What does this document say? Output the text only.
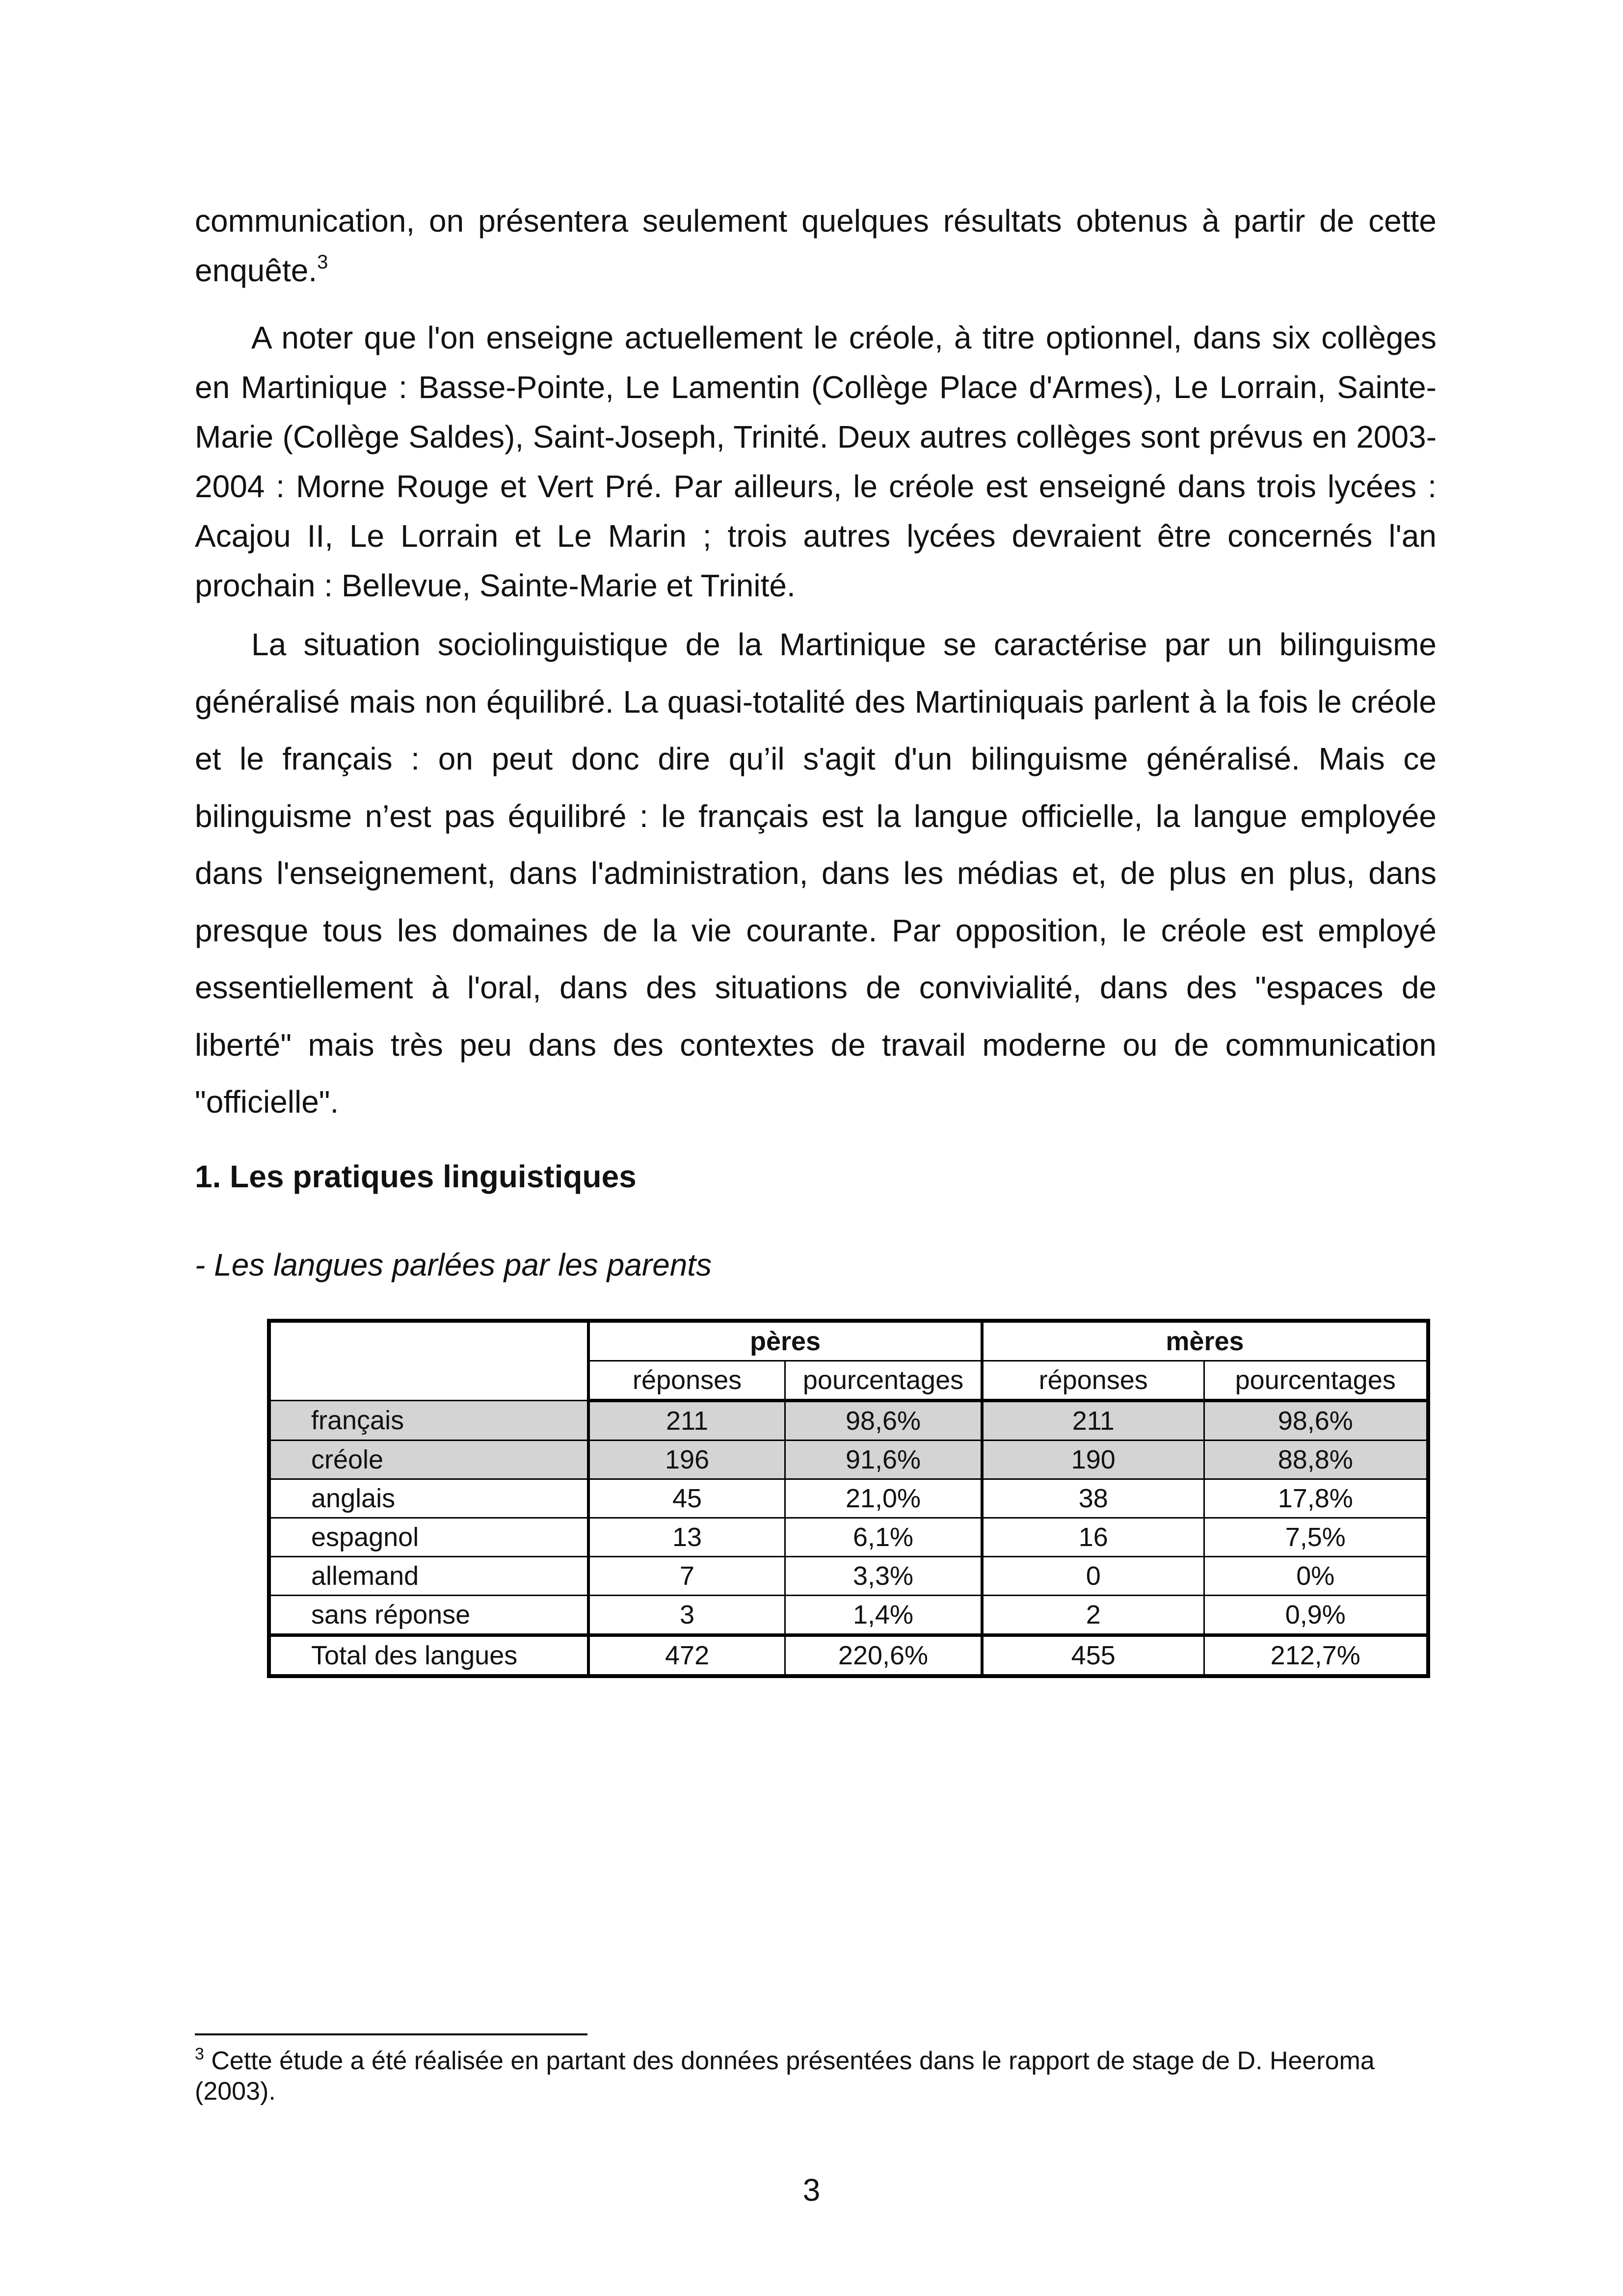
communication, on présentera seulement quelques résultats obtenus à partir de cette enquête.$^3$

A noter que l'on enseigne actuellement le créole, à titre optionnel, dans six collèges en Martinique : Basse-Pointe, Le Lamentin (Collège Place d'Armes), Le Lorrain, Sainte-Marie (Collège Saldes), Saint-Joseph, Trinité. Deux autres collèges sont prévus en 2003-2004 : Morne Rouge et Vert Pré. Par ailleurs, le créole est enseigné dans trois lycées : Acajou II, Le Lorrain et Le Marin ; trois autres lycées devraient être concernés l'an prochain : Bellevue, Sainte-Marie et Trinité.

La situation sociolinguistique de la Martinique se caractérise par un bilinguisme généralisé mais non équilibré. La quasi-totalité des Martiniquais parlent à la fois le créole et le français : on peut donc dire qu’il s'agit d'un bilinguisme généralisé. Mais ce bilinguisme n’est pas équilibré : le français est la langue officielle, la langue employée dans l'enseignement, dans l'administration, dans les médias et, de plus en plus, dans presque tous les domaines de la vie courante. Par opposition, le créole est employé essentiellement à l'oral, dans des situations de convivialité, dans des "espaces de liberté" mais très peu dans des contextes de travail moderne ou de communication "officielle".

1. Les pratiques linguistiques

- Les langues parlées par les parents

	pères		mères	
	réponses	pourcentages	réponses	pourcentages
français	211	98,6%	211	98,6%
créole	196	91,6%	190	88,8%
anglais	45	21,0%	38	17,8%
espagnol	13	6,1%	16	7,5%
allemand	7	3,3%	0	0%
sans réponse	3	1,4%	2	0,9%
Total des langues	472	220,6%	455	212,7%

$^3$ Cette étude a été réalisée en partant des données présentées dans le rapport de stage de D. Heeroma (2003).

3
